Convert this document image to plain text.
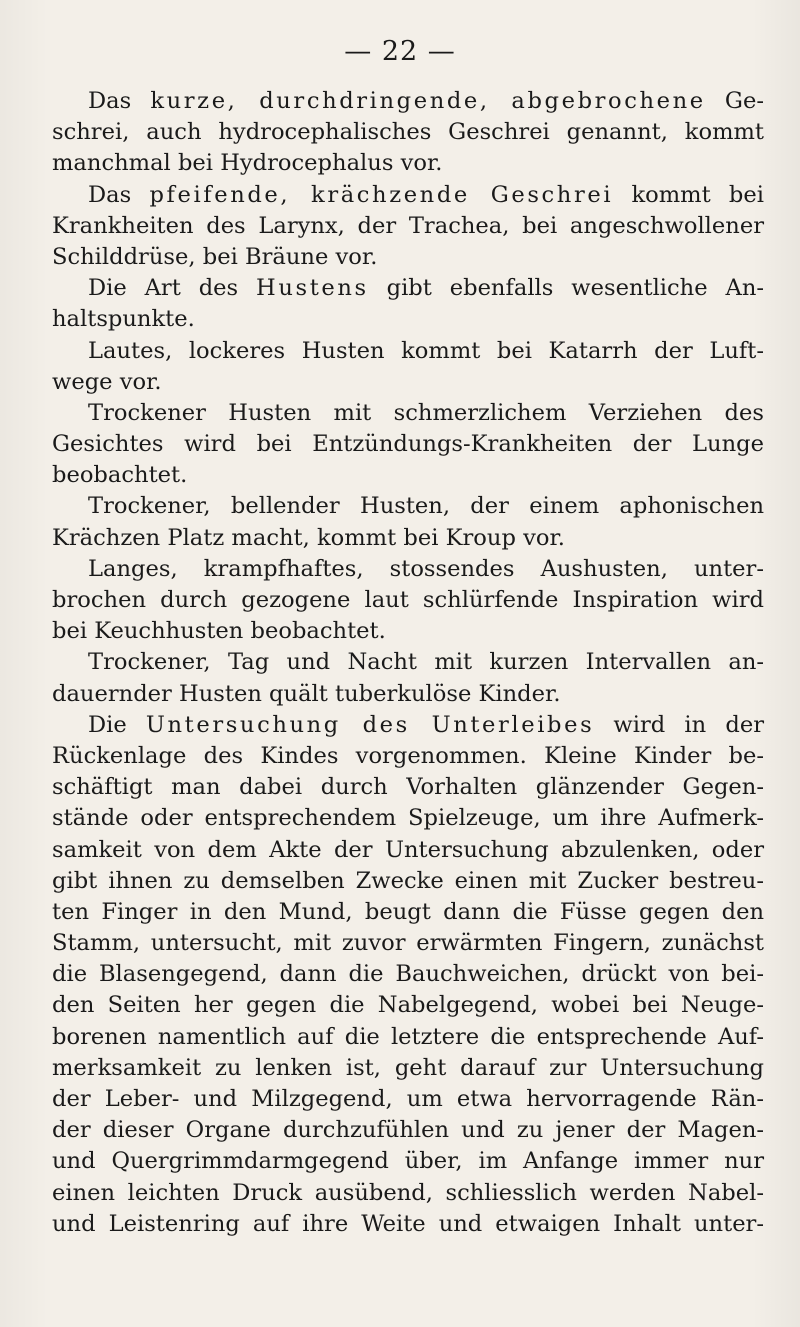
— 22 —
Das kurze, durchdringende, abgebrochene Ge-
schrei, auch hydrocephalisches Geschrei genannt, kommt
manchmal bei Hydrocephalus vor.
Das pfeifende, krächzende Geschrei kommt bei
Krankheiten des Larynx, der Trachea, bei angeschwollener
Schilddrüse, bei Bräune vor.
Die Art des Hustens gibt ebenfalls wesentliche An-
haltspunkte.
Lautes, lockeres Husten kommt bei Katarrh der Luft-
wege vor.
Trockener Husten mit schmerzlichem Verziehen des
Gesichtes wird bei Entzündungs-Krankheiten der Lunge
beobachtet.
Trockener, bellender Husten, der einem aphonischen
Krächzen Platz macht, kommt bei Kroup vor.
Langes, krampfhaftes, stossendes Aushusten, unter-
brochen durch gezogene laut schlürfende Inspiration wird
bei Keuchhusten beobachtet.
Trockener, Tag und Nacht mit kurzen Intervallen an-
dauernder Husten quält tuberkulöse Kinder.
Die Untersuchung des Unterleibes wird in der
Rückenlage des Kindes vorgenommen. Kleine Kinder be-
schäftigt man dabei durch Vorhalten glänzender Gegen-
stände oder entsprechendem Spielzeuge, um ihre Aufmerk-
samkeit von dem Akte der Untersuchung abzulenken, oder
gibt ihnen zu demselben Zwecke einen mit Zucker bestreu-
ten Finger in den Mund, beugt dann die Füsse gegen den
Stamm, untersucht, mit zuvor erwärmten Fingern, zunächst
die Blasengegend, dann die Bauchweichen, drückt von bei-
den Seiten her gegen die Nabelgegend, wobei bei Neuge-
borenen namentlich auf die letztere die entsprechende Auf-
merksamkeit zu lenken ist, geht darauf zur Untersuchung
der Leber- und Milzgegend, um etwa hervorragende Rän-
der dieser Organe durchzufühlen und zu jener der Magen-
und Quergrimmdarmgegend über, im Anfange immer nur
einen leichten Druck ausübend, schliesslich werden Nabel-
und Leistenring auf ihre Weite und etwaigen Inhalt unter-
